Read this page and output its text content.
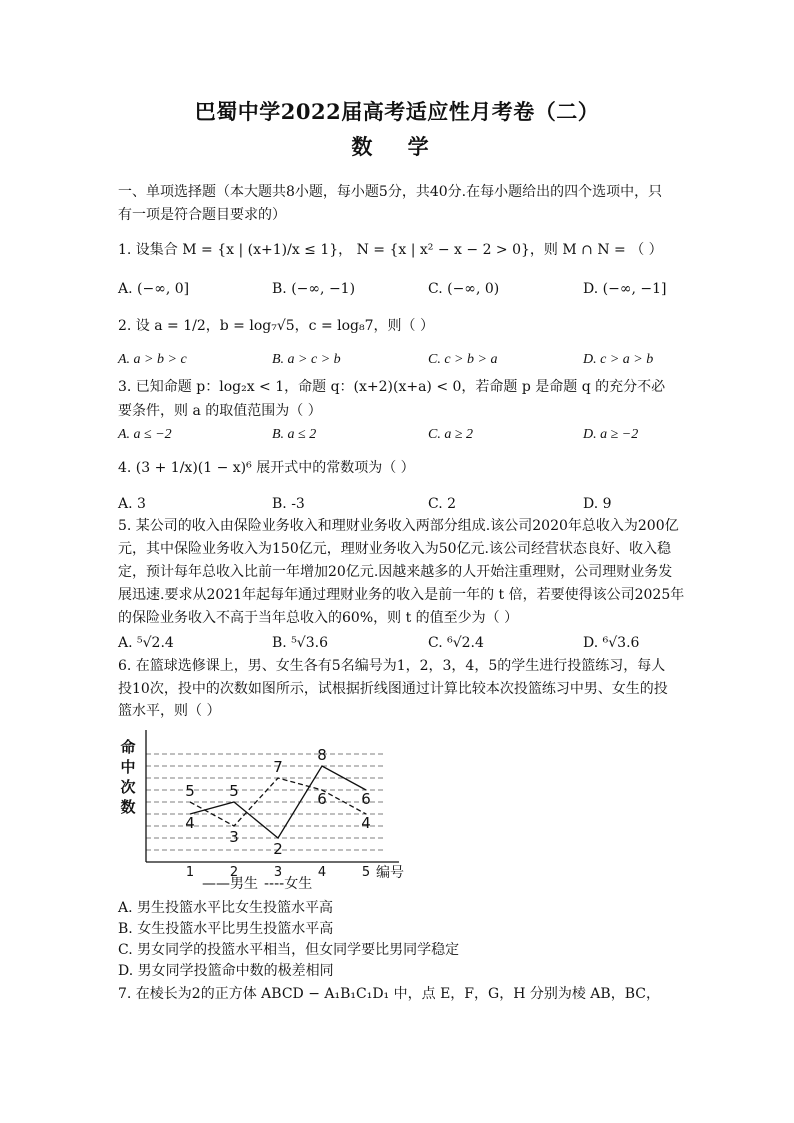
巴蜀中学2022届高考适应性月考卷（二）
数 学
一、单项选择题（本大题共8小题，每小题5分，共40分.在每小题给出的四个选项中，只
有一项是符合题目要求的）
1. 设集合 M = {x | (x+1)/x ≤ 1}， N = {x | x² − x − 2 > 0}，则 M ∩ N = （ ）
A. (−∞, 0]	B. (−∞, −1)	C. (−∞, 0)	D. (−∞, −1]
2. 设 a = 1/2，b = log₇√5，c = log₈7，则（ ）
A. a > b > c	B. a > c > b	C. c > b > a	D. c > a > b
3. 已知命题 p：log₂x < 1，命题 q：(x+2)(x+a) < 0，若命题 p 是命题 q 的充分不必
要条件，则 a 的取值范围为（ ）
A. a ≤ −2	B. a ≤ 2	C. a ≥ 2	D. a ≥ −2
4. (3 + 1/x)(1 − x)⁶ 展开式中的常数项为（ ）
A. 3	B. -3	C. 2	D. 9
5. 某公司的收入由保险业务收入和理财业务收入两部分组成.该公司2020年总收入为200亿
元，其中保险业务收入为150亿元，理财业务收入为50亿元.该公司经营状态良好、收入稳
定，预计每年总收入比前一年增加20亿元.因越来越多的人开始注重理财，公司理财业务发
展迅速.要求从2021年起每年通过理财业务的收入是前一年的 t 倍，若要使得该公司2025年
的保险业务收入不高于当年总收入的60%，则 t 的值至少为（ ）
A. ⁵√2.4	B. ⁵√3.6	C. ⁶√2.4	D. ⁶√3.6
6. 在篮球选修课上，男、女生各有5名编号为1，2，3，4，5的学生进行投篮练习，每人
投10次，投中的次数如图所示，试根据折线图通过计算比较本次投篮练习中男、女生的投
篮水平，则（ ）
命
中
次
数
1	2	3	4	5
4
5
2
8
6
5
3
7
6
4
编号
——男生 ----女生
A. 男生投篮水平比女生投篮水平高
B. 女生投篮水平比男生投篮水平高
C. 男女同学的投篮水平相当，但女同学要比男同学稳定
D. 男女同学投篮命中数的极差相同
7. 在棱长为2的正方体 ABCD − A₁B₁C₁D₁ 中，点 E，F，G，H 分别为棱 AB，BC，
